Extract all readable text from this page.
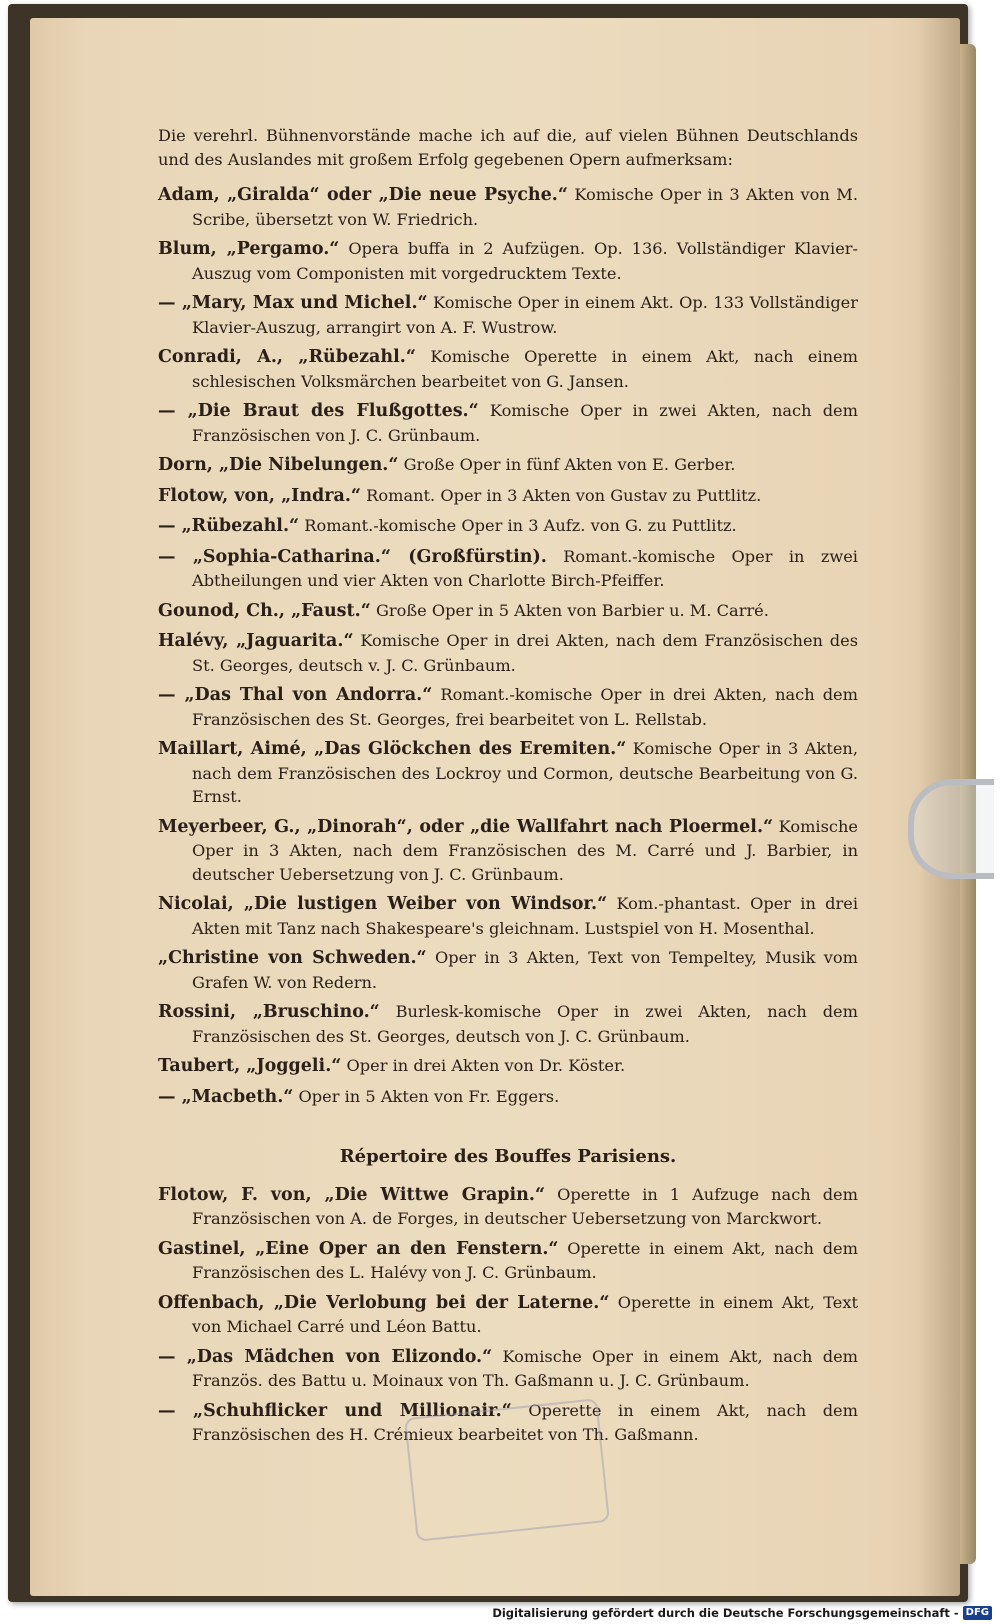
Die verehrl. Bühnenvorstände mache ich auf die, auf vielen Bühnen Deutschlands und des Auslandes mit großem Erfolg gegebenen Opern aufmerksam:

Adam, „Giralda“ oder „Die neue Psyche.“ Komische Oper in 3 Akten von M. Scribe, übersetzt von W. Friedrich.
Blum, „Pergamo.“ Opera buffa in 2 Aufzügen. Op. 136. Vollständiger Klavier-Auszug vom Componisten mit vorgedrucktem Texte.
— „Mary, Max und Michel.“ Komische Oper in einem Akt. Op. 133 Vollständiger Klavier-Auszug, arrangirt von A. F. Wustrow.
Conradi, A., „Rübezahl.“ Komische Operette in einem Akt, nach einem schlesischen Volksmärchen bearbeitet von G. Jansen.
— „Die Braut des Flußgottes.“ Komische Oper in zwei Akten, nach dem Französischen von J. C. Grünbaum.
Dorn, „Die Nibelungen.“ Große Oper in fünf Akten von E. Gerber.
Flotow, von, „Indra.“ Romant. Oper in 3 Akten von Gustav zu Puttlitz.
— „Rübezahl.“ Romant.-komische Oper in 3 Aufz. von G. zu Puttlitz.
— „Sophia-Catharina.“ (Großfürstin). Romant.-komische Oper in zwei Abtheilungen und vier Akten von Charlotte Birch-Pfeiffer.
Gounod, Ch., „Faust.“ Große Oper in 5 Akten von Barbier u. M. Carré.
Halévy, „Jaguarita.“ Komische Oper in drei Akten, nach dem Französischen des St. Georges, deutsch v. J. C. Grünbaum.
— „Das Thal von Andorra.“ Romant.-komische Oper in drei Akten, nach dem Französischen des St. Georges, frei bearbeitet von L. Rellstab.
Maillart, Aimé, „Das Glöckchen des Eremiten.“ Komische Oper in 3 Akten, nach dem Französischen des Lockroy und Cormon, deutsche Bearbeitung von G. Ernst.
Meyerbeer, G., „Dinorah“, oder „die Wallfahrt nach Ploermel.“ Komische Oper in 3 Akten, nach dem Französischen des M. Carré und J. Barbier, in deutscher Uebersetzung von J. C. Grünbaum.
Nicolai, „Die lustigen Weiber von Windsor.“ Kom.-phantast. Oper in drei Akten mit Tanz nach Shakespeare's gleichnam. Lustspiel von H. Mosenthal.
„Christine von Schweden.“ Oper in 3 Akten, Text von Tempeltey, Musik vom Grafen W. von Redern.
Rossini, „Bruschino.“ Burlesk-komische Oper in zwei Akten, nach dem Französischen des St. Georges, deutsch von J. C. Grünbaum.
Taubert, „Joggeli.“ Oper in drei Akten von Dr. Köster.
— „Macbeth.“ Oper in 5 Akten von Fr. Eggers.
Répertoire des Bouffes Parisiens.
Flotow, F. von, „Die Wittwe Grapin.“ Operette in 1 Aufzuge nach dem Französischen von A. de Forges, in deutscher Uebersetzung von Marckwort.
Gastinel, „Eine Oper an den Fenstern.“ Operette in einem Akt, nach dem Französischen des L. Halévy von J. C. Grünbaum.
Offenbach, „Die Verlobung bei der Laterne.“ Operette in einem Akt, Text von Michael Carré und Léon Battu.
— „Das Mädchen von Elizondo.“ Komische Oper in einem Akt, nach dem Französ. des Battu u. Moinaux von Th. Gaßmann u. J. C. Grünbaum.
— „Schuhflicker und Millionair.“ Operette in einem Akt, nach dem Französischen des H. Crémieux bearbeitet von Th. Gaßmann.
Digitalisierung gefördert durch die Deutsche Forschungsgemeinschaft - DFG
